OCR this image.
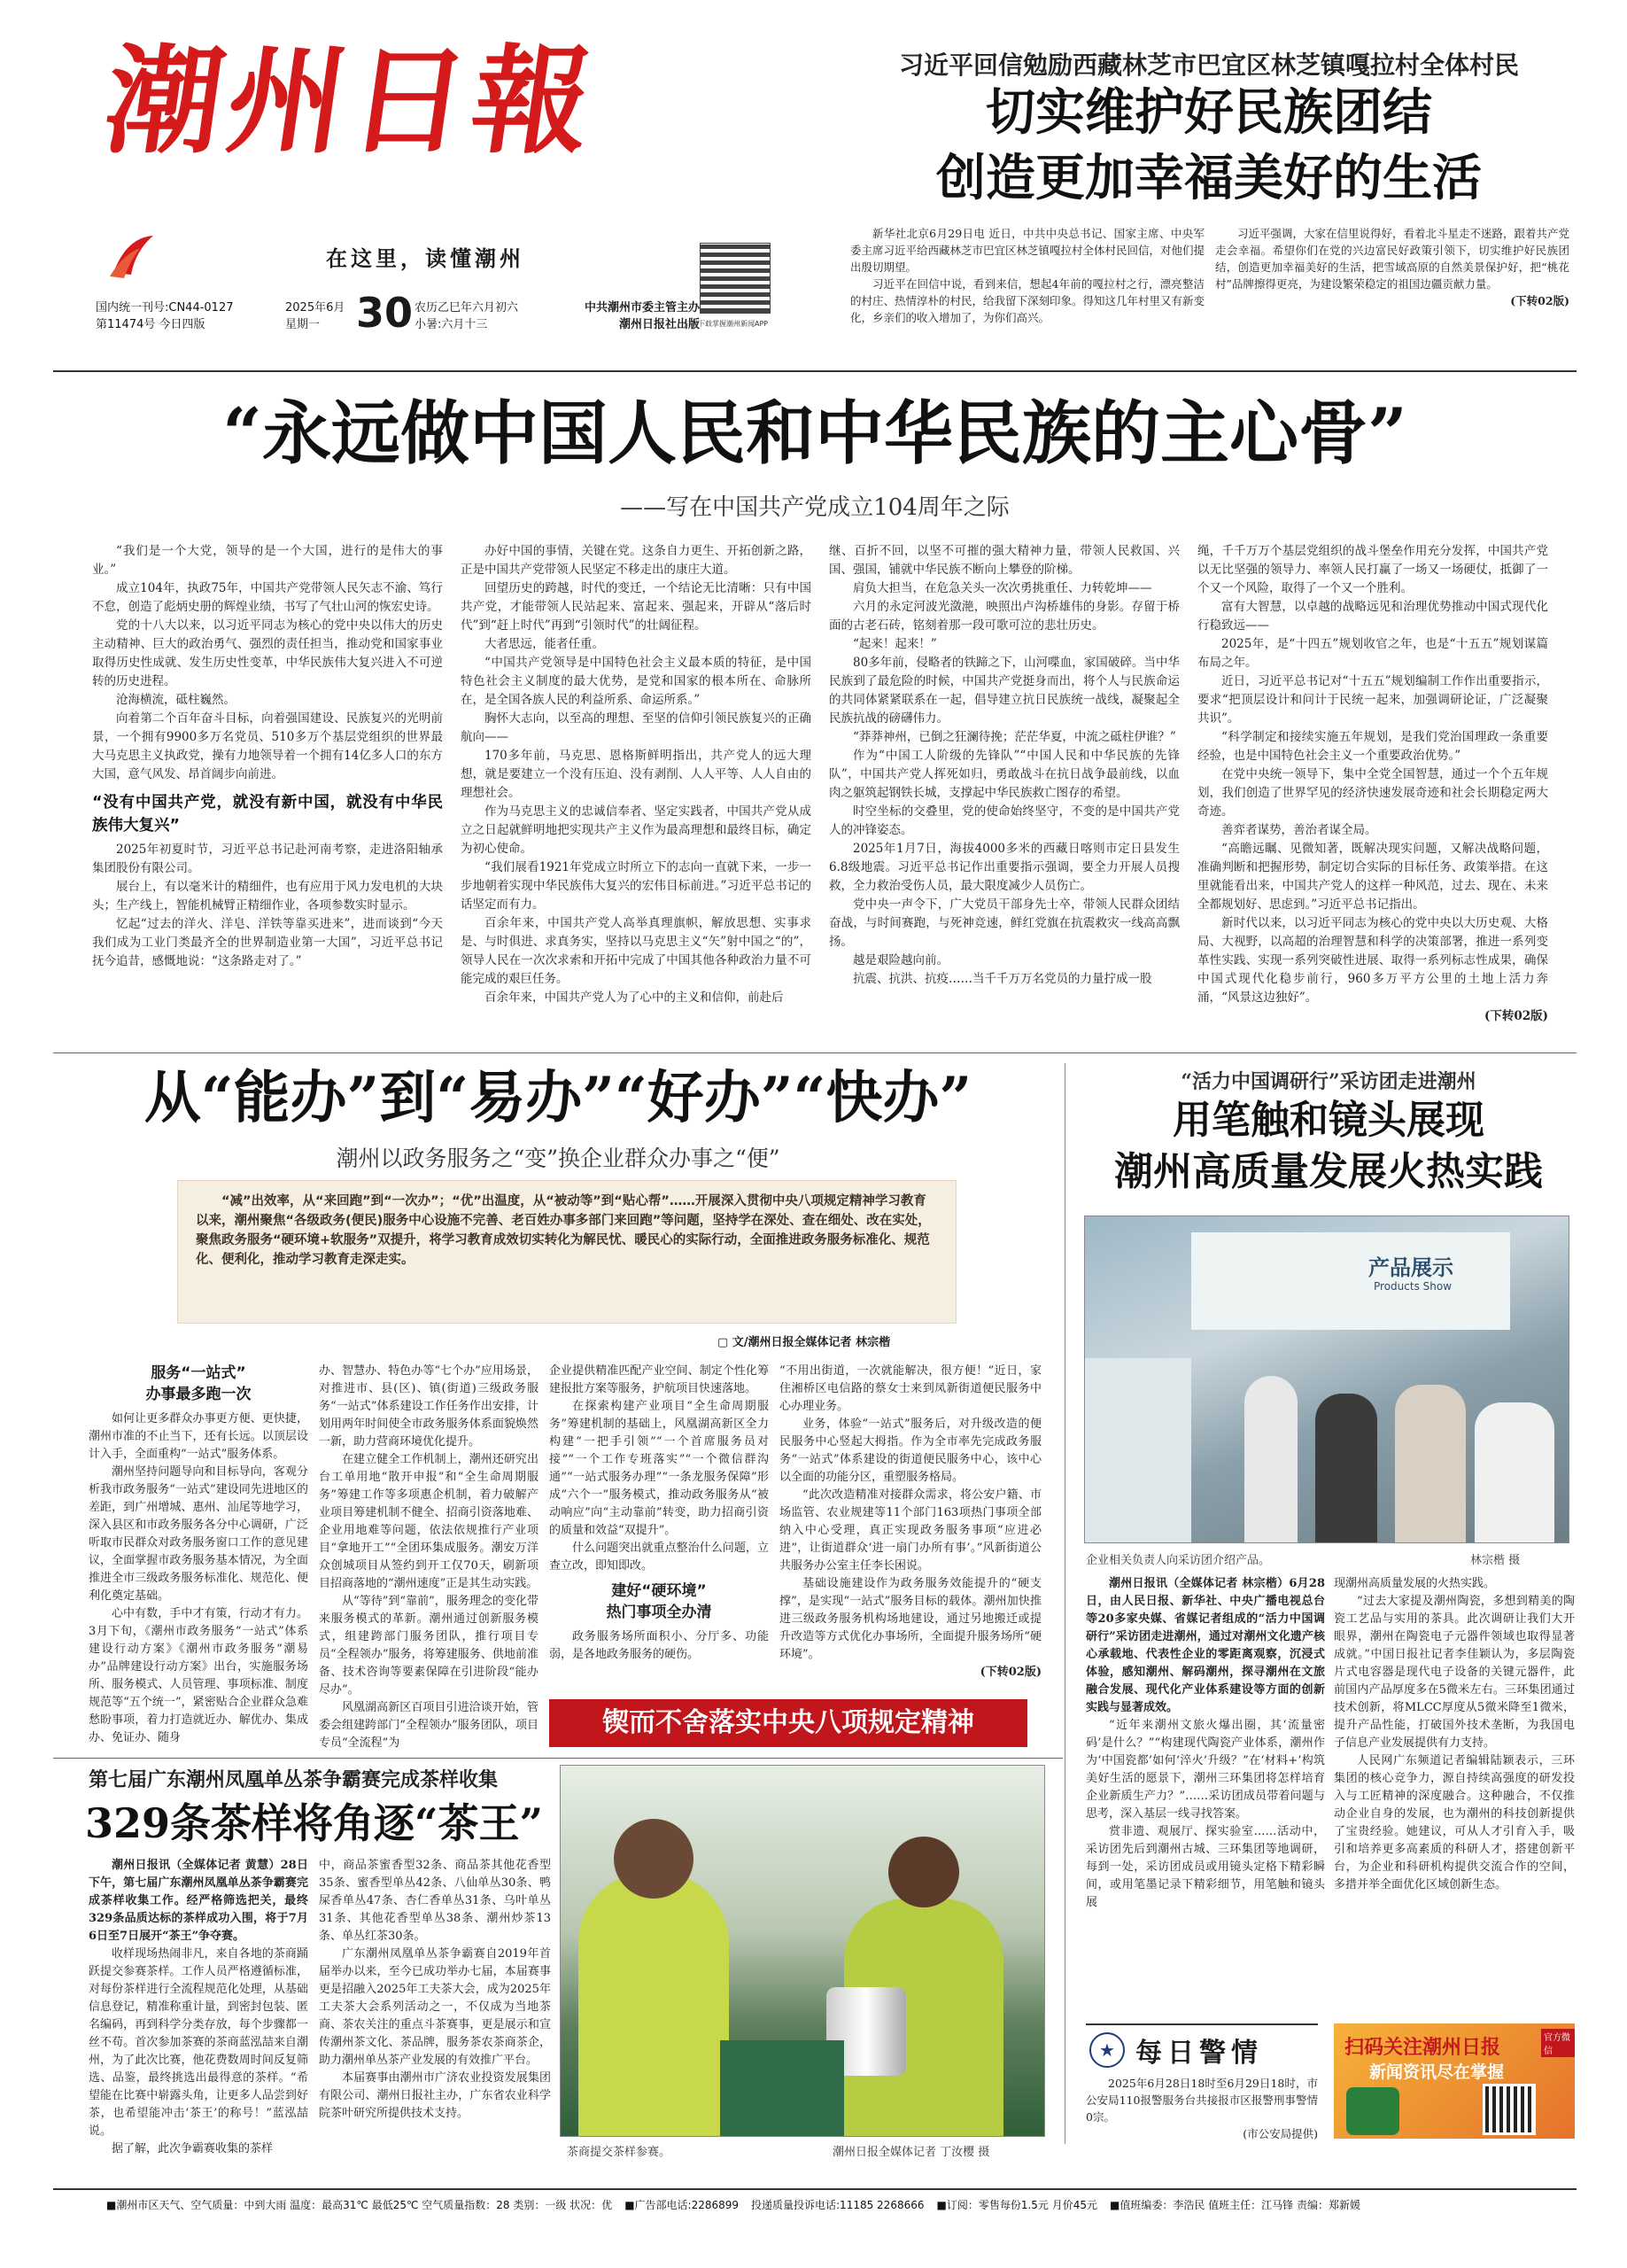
潮州日報
在这里，读懂潮州
国内统一刊号:CN44-0127
第11474号 今日四版
2025年6月
星期一 30 农历乙巳年六月初六
小暑:六月十三
中共潮州市委主管主办
潮州日报社出版
扫码下载掌握潮州新闻APP
习近平回信勉励西藏林芝市巴宜区林芝镇嘎拉村全体村民
切实维护好民族团结
创造更加幸福美好的生活

新华社北京6月29日电 近日，中共中央总书记、国家主席、中央军委主席习近平给西藏林芝市巴宜区林芝镇嘎拉村全体村民回信，对他们提出殷切期望。

习近平在回信中说，看到来信，想起4年前的嘎拉村之行，漂亮整洁的村庄、热情淳朴的村民，给我留下深刻印象。得知这几年村里又有新变化，乡亲们的收入增加了，为你们高兴。

习近平强调，大家在信里说得好，看着北斗星走不迷路，跟着共产党走会幸福。希望你们在党的兴边富民好政策引领下，切实维护好民族团结，创造更加幸福美好的生活，把雪域高原的自然美景保护好，把“桃花村”品牌擦得更亮，为建设繁荣稳定的祖国边疆贡献力量。

(下转02版)
“永远做中国人民和中华民族的主心骨”
——写在中国共产党成立104周年之际

“我们是一个大党，领导的是一个大国，进行的是伟大的事业。”

成立104年，执政75年，中国共产党带领人民矢志不渝、笃行不怠，创造了彪炳史册的辉煌业绩，书写了气壮山河的恢宏史诗。

党的十八大以来，以习近平同志为核心的党中央以伟大的历史主动精神、巨大的政治勇气、强烈的责任担当，推动党和国家事业取得历史性成就、发生历史性变革，中华民族伟大复兴进入不可逆转的历史进程。

沧海横流，砥柱巍然。

向着第二个百年奋斗目标，向着强国建设、民族复兴的光明前景，一个拥有9900多万名党员、510多万个基层党组织的世界最大马克思主义执政党，操有力地领导着一个拥有14亿多人口的东方大国，意气风发、昂首阔步向前进。

“没有中国共产党，就没有新中国，就没有中华民族伟大复兴”

2025年初夏时节，习近平总书记赴河南考察，走进洛阳轴承集团股份有限公司。

展台上，有以毫米计的精细件，也有应用于风力发电机的大块头；生产线上，智能机械臂正精细作业，各项参数实时显示。

忆起“过去的洋火、洋皂、洋铁等靠买进来”，进而谈到“今天我们成为工业门类最齐全的世界制造业第一大国”，习近平总书记抚今追昔，感慨地说：“这条路走对了。”

办好中国的事情，关键在党。这条自力更生、开拓创新之路，正是中国共产党带领人民坚定不移走出的康庄大道。

回望历史的跨越，时代的变迁，一个结论无比清晰：只有中国共产党，才能带领人民站起来、富起来、强起来，开辟从“落后时代”到“赶上时代”再到“引领时代”的壮阔征程。

大者思远，能者任重。

“中国共产党领导是中国特色社会主义最本质的特征，是中国特色社会主义制度的最大优势，是党和国家的根本所在、命脉所在，是全国各族人民的利益所系、命运所系。”

胸怀大志向，以至高的理想、至坚的信仰引领民族复兴的正确航向——

170多年前，马克思、恩格斯鲜明指出，共产党人的远大理想，就是要建立一个没有压迫、没有剥削、人人平等、人人自由的理想社会。

作为马克思主义的忠诚信奉者、坚定实践者，中国共产党从成立之日起就鲜明地把实现共产主义作为最高理想和最终目标，确定为初心使命。

“我们展看1921年党成立时所立下的志向一直就下来，一步一步地朝着实现中华民族伟大复兴的宏伟目标前进。”习近平总书记的话坚定而有力。

百余年来，中国共产党人高举真理旗帜，解放思想、实事求是、与时俱进、求真务实，坚持以马克思主义“矢”射中国之“的”，领导人民在一次次求索和开拓中完成了中国其他各种政治力量不可能完成的艰巨任务。

百余年来，中国共产党人为了心中的主义和信仰，前赴后

继、百折不回，以坚不可摧的强大精神力量，带领人民救国、兴国、强国，铺就中华民族不断向上攀登的阶梯。

肩负大担当，在危急关头一次次勇挑重任、力转乾坤——

六月的永定河波光潋滟，映照出卢沟桥雄伟的身影。存留于桥面的古老石砖，铭刻着那一段可歌可泣的悲壮历史。

“起来！起来！”

80多年前，侵略者的铁蹄之下，山河喋血，家国破碎。当中华民族到了最危险的时候，中国共产党挺身而出，将个人与民族命运的共同体紧紧联系在一起，倡导建立抗日民族统一战线，凝聚起全民族抗战的磅礴伟力。

“莽莽神州，已倒之狂澜待挽；茫茫华夏，中流之砥柱伊谁？”

作为“中国工人阶级的先锋队”“中国人民和中华民族的先锋队”，中国共产党人挥死如归，勇敢战斗在抗日战争最前线，以血肉之躯筑起钢铁长城，支撑起中华民族救亡图存的希望。

时空坐标的交叠里，党的使命始终坚守，不变的是中国共产党人的冲锋姿态。

2025年1月7日，海拔4000多米的西藏日喀则市定日县发生6.8级地震。习近平总书记作出重要指示强调，要全力开展人员搜救，全力救治受伤人员，最大限度减少人员伤亡。

党中央一声令下，广大党员干部身先士卒，带领人民群众团结奋战，与时间赛跑，与死神竞速，鲜红党旗在抗震救灾一线高高飘扬。

越是艰险越向前。

抗震、抗洪、抗疫……当千千万万名党员的力量拧成一股

绳，千千万万个基层党组织的战斗堡垒作用充分发挥，中国共产党以无比坚强的领导力、率领人民打赢了一场又一场硬仗，抵御了一个又一个风险，取得了一个又一个胜利。

富有大智慧，以卓越的战略远见和治理优势推动中国式现代化行稳致远——

2025年，是“十四五”规划收官之年，也是“十五五”规划谋篇布局之年。

近日，习近平总书记对“十五五”规划编制工作作出重要指示，要求“把顶层设计和问计于民统一起来，加强调研论证，广泛凝聚共识”。

“科学制定和接续实施五年规划，是我们党治国理政一条重要经验，也是中国特色社会主义一个重要政治优势。”

在党中央统一领导下，集中全党全国智慧，通过一个个五年规划，我们创造了世界罕见的经济快速发展奇迹和社会长期稳定两大奇迹。

善弈者谋势，善治者谋全局。

“高瞻远瞩、见微知著，既解决现实问题，又解决战略问题，准确判断和把握形势，制定切合实际的目标任务、政策举措。在这里就能看出来，中国共产党人的这样一种风范，过去、现在、未来全都规划好、思虑到。”习近平总书记指出。

新时代以来，以习近平同志为核心的党中央以大历史观、大格局、大视野，以高超的治理智慧和科学的决策部署，推进一系列变革性实践、实现一系列突破性进展、取得一系列标志性成果，确保中国式现代化稳步前行，960多万平方公里的土地上活力奔涌，“风景这边独好”。

(下转02版)
从“能办”到“易办”“好办”“快办”
潮州以政务服务之“变”换企业群众办事之“便”
“减”出效率，从“来回跑”到“一次办”；“优”出温度，从“被动等”到“贴心帮”……开展深入贯彻中央八项规定精神学习教育以来，潮州聚焦“各级政务(便民)服务中心设施不完善、老百姓办事多部门来回跑”等问题，坚持学在深处、查在细处、改在实处，聚焦政务服务“硬环境+软服务”双提升，将学习教育成效切实转化为解民忧、暖民心的实际行动，全面推进政务服务标准化、规范化、便利化，推动学习教育走深走实。
▢ 文/潮州日报全媒体记者 林宗楷
服务“一站式”
办事最多跑一次

如何让更多群众办事更方便、更快捷，潮州市准的不止当下，还有长远。以顶层设计入手，全面重构“一站式”服务体系。

潮州坚持问题导向和目标导向，客观分析我市政务服务“一站式”建设同先进地区的差距，到广州增城、惠州、汕尾等地学习，深入县区和市政务服务各分中心调研，广泛听取市民群众对政务服务窗口工作的意见建议，全面掌握市政务服务基本情况，为全面推进全市三级政务服务标准化、规范化、便利化奠定基础。

心中有数，手中才有策，行动才有力。3月下旬，《潮州市政务服务“一站式”体系建设行动方案》《潮州市政务服务“潮易办”品牌建设行动方案》出台，实施服务场所、服务模式、人员管理、事项标准、制度规范等“五个统一”，紧密贴合企业群众急难愁盼事项，着力打造就近办、解优办、集成办、免证办、随身

办、智慧办、特色办等“七个办”应用场景，对推进市、县(区)、镇(街道)三级政务服务“一站式”体系建设工作任务作出安排，计划用两年时间使全市政务服务体系面貌焕然一新，助力营商环境优化提升。

在建立健全工作机制上，潮州还研究出台工单用地“散开申报”和“全生命周期服务”筹建工作等多项惠企机制，着力破解产业项目筹建机制不健全、招商引资落地难、企业用地难等问题，依法依规推行产业项目“拿地开工”“全团环集成服务。潮安万洋众创城项目从签约到开工仅70天，刷新项目招商落地的“潮州速度”正是其生动实践。

从“等待”到“靠前”，服务理念的变化带来服务模式的革新。潮州通过创新服务模式，组建跨部门服务团队，推行项目专员“全程领办”服务，将筹建服务、供地前准备、技术咨询等要素保障在引进阶段“能办尽办”。

风凰湖高新区百项目引进洽谈开始，管委会组建跨部门“全程领办”服务团队，项目专员“全流程”为

企业提供精准匹配产业空间、制定个性化筹建报批方案等服务，护航项目快速落地。

在探索构建产业项目“全生命周期服务”筹建机制的基础上，风凰湖高新区全力构建“一把手引领”“一个首席服务员对接”“一个工作专班落实”“一个微信群沟通”“一站式服务办理”“一条龙服务保障”形成“六个一”服务模式，推动政务服务从“被动响应”向“主动靠前”转变，助力招商引资的质量和效益“双提升”。

什么问题突出就重点整治什么问题，立查立改，即知即改。

建好“硬环境”
热门事项全办清

政务服务场所面积小、分厅多、功能弱，是各地政务服务的硬伤。

“不用出街道，一次就能解决，很方便！”近日，家住湘桥区电信路的蔡女士来到凤新街道便民服务中心办理业务。

业务，体验“一站式”服务后，对升级改造的便民服务中心竖起大拇指。作为全市率先完成政务服务“一站式”体系建设的街道便民服务中心，该中心以全面的功能分区，重塑服务格局。

“此次改造精准对接群众需求，将公安户籍、市场监管、农业规建等11个部门163项热门事项全部纳入中心受理，真正实现政务服务事项“应进必进”，让街道群众‘进一扇门办所有事’。”风新街道公共服务办公室主任李长困说。

基础设施建设作为政务服务效能提升的“硬支撑”，是实现“一站式”服务目标的载体。潮州加快推进三级政务服务机构场地建设，通过另地搬迁或提升改造等方式优化办事场所，全面提升服务场所“硬环境”。

(下转02版)
锲而不舍落实中央八项规定精神
第七届广东潮州凤凰单丛茶争霸赛完成茶样收集
329条茶样将角逐“茶王”

潮州日报讯（全媒体记者 黄慧）28日下午，第七届广东潮州凤凰单丛茶争霸赛完成茶样收集工作。经严格筛选把关，最终329条品质达标的茶样成功入围，将于7月6日至7日展开“茶王”争夺赛。

收样现场热闹非凡，来自各地的茶商踊跃提交参赛茶样。工作人员严格遵循标准，对每份茶样进行全流程规范化处理，从基础信息登记，精准称重计量，到密封包装、匿名编码，再到科学分类存放，每个步骤都一丝不苟。首次参加茶赛的茶商蓝泓喆来自潮州，为了此次比赛，他花费数周时间反复筛选、品鉴，最终挑选出最得意的茶样。“希望能在比赛中崭露头角，让更多人品尝到好茶，也希望能冲击‘茶王’的称号！”蓝泓喆说。

据了解，此次争霸赛收集的茶样

中，商品茶蜜香型32条、商品茶其他花香型35条、蜜香型单丛42条、八仙单丛30条、鸭屎香单丛47条、杏仁香单丛31条、乌叶单丛31条、其他花香型单丛38条、潮州炒茶13条、单丛红茶30条。

广东潮州凤凰单丛茶争霸赛自2019年首届举办以来，至今已成功举办七届，本届赛事更是招融入2025年工夫茶大会，成为2025年工夫茶大会系列活动之一，不仅成为当地茶商、茶农关注的重点斗茶赛事，更是展示和宣传潮州茶文化、茶品牌，服务茶农茶商茶企，助力潮州单丛茶产业发展的有效推广平台。

本届赛事由潮州市广济农业投资发展集团有限公司、潮州日报社主办，广东省农业科学院茶叶研究所提供技术支持。

茶商提交茶样参赛。	潮州日报全媒体记者 丁汝樱 摄
“活力中国调研行”采访团走进潮州
用笔触和镜头展现
潮州高质量发展火热实践
产品展示
Products Show
企业相关负责人向采访团介绍产品。	林宗楷 摄

潮州日报讯（全媒体记者 林宗楷）6月28日，由人民日报、新华社、中央广播电视总台等20多家央媒、省媒记者组成的“活力中国调研行”采访团走进潮州，通过对潮州文化遗产核心承载地、代表性企业的零距离观察，沉浸式体验，感知潮州、解码潮州，探寻潮州在文旅融合发展、现代化产业体系建设等方面的创新实践与显著成效。

“近年来潮州文旅火爆出圈，其‘流量密码’是什么？”“构建现代陶瓷产业体系，潮州作为‘中国瓷都’如何‘淬火’升级？”在‘材料+’构筑美好生活的愿景下，潮州三环集团将怎样培育企业新质生产力？”……采访团成员带着问题与思考，深入基层一线寻找答案。

赏非遗、观展厅、探实验室……活动中，采访团先后到潮州古城、三环集团等地调研，每到一处，采访团成员或用镜头定格下精彩瞬间，或用笔墨记录下精彩细节，用笔触和镜头展

现潮州高质量发展的火热实践。

“过去大家提及潮州陶瓷，多想到精美的陶瓷工艺品与实用的茶具。此次调研让我们大开眼界，潮州在陶瓷电子元器件领域也取得显著成就。”中国日报社记者李佳颖认为，多层陶瓷片式电容器是现代电子设备的关键元器件，此前国内产品厚度多在5微米左右。三环集团通过技术创新，将MLCC厚度从5微米降至1微米，提升产品性能，打破国外技术垄断，为我国电子信息产业发展提供有力支持。

人民网广东频道记者编辑陆颖表示，三环集团的核心竞争力，源自持续高强度的研发投入与工匠精神的深度融合。这种融合，不仅推动企业自身的发展，也为潮州的科技创新提供了宝贵经验。她建议，可从人才引育入手，吸引和培养更多高素质的科研人才，搭建创新平台，为企业和科研机构提供交流合作的空间，多措并举全面优化区域创新生态。

★ 每日警情

2025年6月28日18时至6月29日18时，市公安局110报警服务台共接报市区报警刑事警情0宗。

(市公安局提供)
扫码关注潮州日报
新闻资讯尽在掌握
官方微信
■潮州市区天气、空气质量：中到大雨 温度：最高31℃ 最低25℃ 空气质量指数：28 类别：一级 状况：优 ■广告部电话:2286899 投递质量投诉电话:11185 2268666 ■订阅：零售每份1.5元 月价45元 ■值班编委：李浩民 值班主任：江马锋 责编：郑新媛
